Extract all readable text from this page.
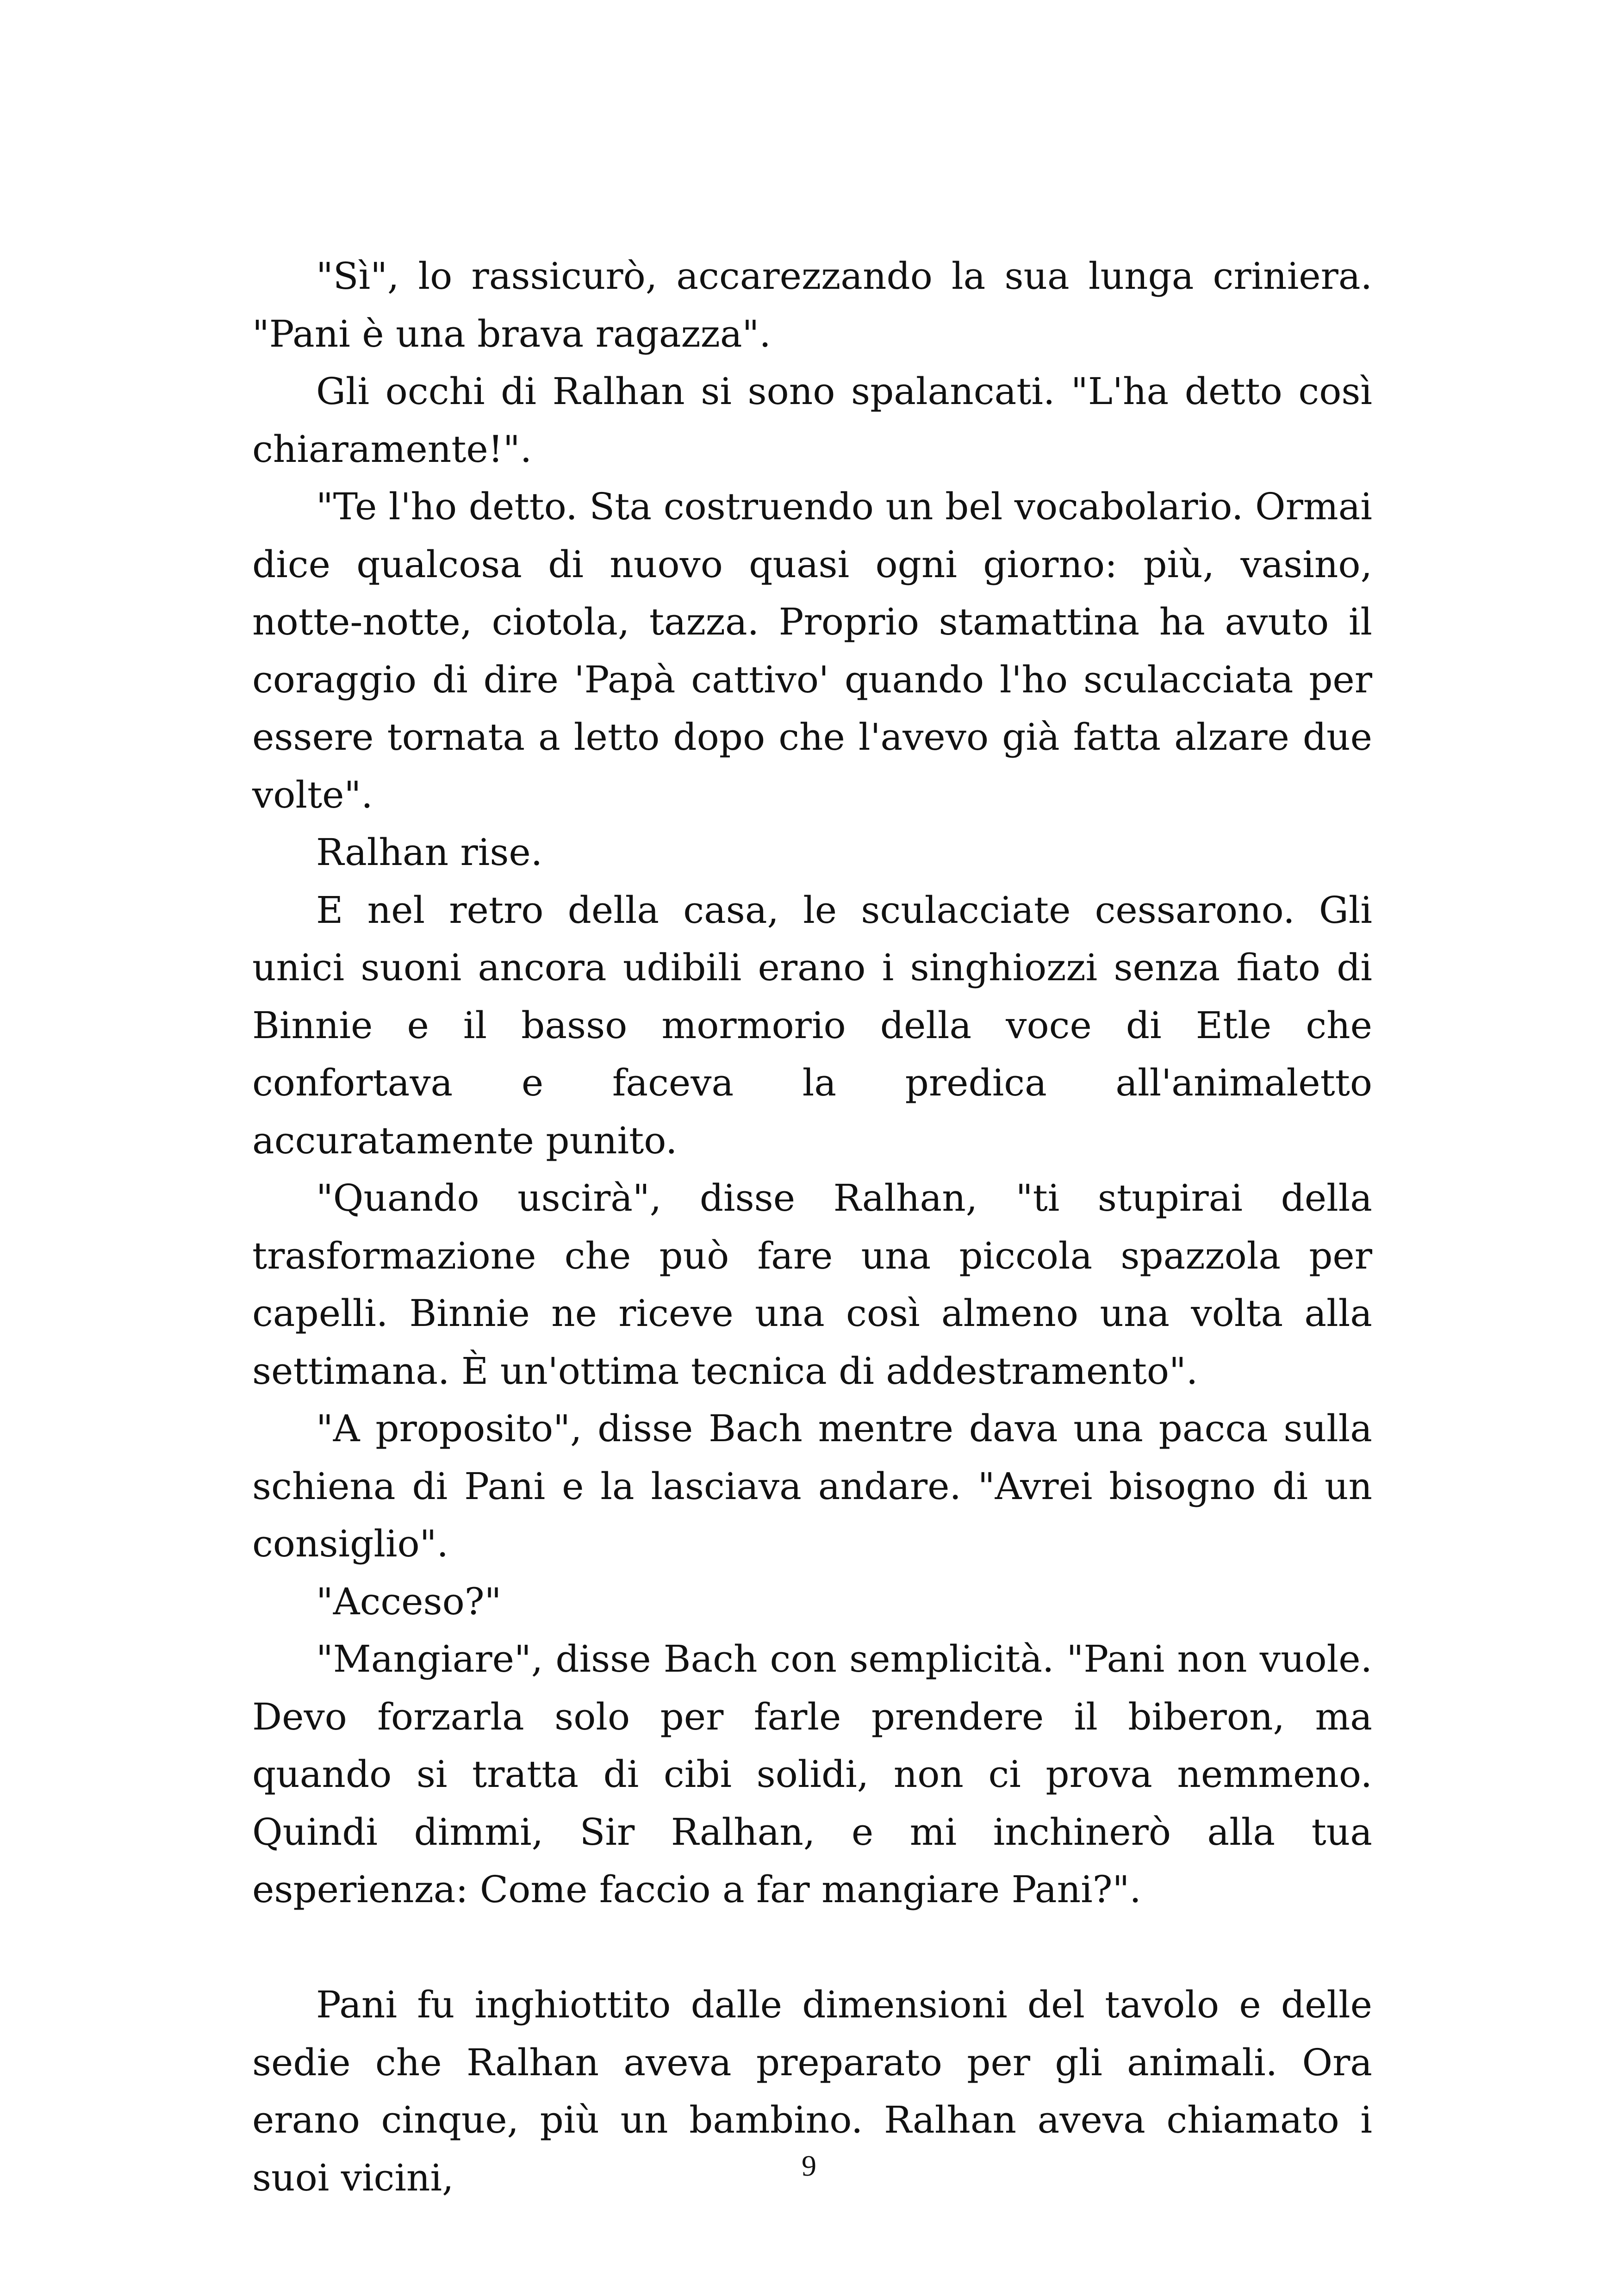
"Sì", lo rassicurò, accarezzando la sua lunga criniera. "Pani è una brava ragazza".

Gli occhi di Ralhan si sono spalancati. "L'ha detto così chiaramente!".

"Te l'ho detto. Sta costruendo un bel vocabolario. Ormai dice qualcosa di nuovo quasi ogni giorno: più, vasino, notte-notte, ciotola, tazza. Proprio stamattina ha avuto il coraggio di dire 'Papà cattivo' quando l'ho sculacciata per essere tornata a letto dopo che l'avevo già fatta alzare due volte".

Ralhan rise.

E nel retro della casa, le sculacciate cessarono. Gli unici suoni ancora udibili erano i singhiozzi senza fiato di Binnie e il basso mormorio della voce di Etle che confortava e faceva la predica all'animaletto accuratamente punito.

"Quando uscirà", disse Ralhan, "ti stupirai della trasformazione che può fare una piccola spazzola per capelli. Binnie ne riceve una così almeno una volta alla settimana. È un'ottima tecnica di addestramento".

"A proposito", disse Bach mentre dava una pacca sulla schiena di Pani e la lasciava andare. "Avrei bisogno di un consiglio".

"Acceso?"

"Mangiare", disse Bach con semplicità. "Pani non vuole. Devo forzarla solo per farle prendere il biberon, ma quando si tratta di cibi solidi, non ci prova nemmeno. Quindi dimmi, Sir Ralhan, e mi inchinerò alla tua esperienza: Come faccio a far mangiare Pani?".

Pani fu inghiottito dalle dimensioni del tavolo e delle sedie che Ralhan aveva preparato per gli animali. Ora erano cinque, più un bambino. Ralhan aveva chiamato i suoi vicini,	9
